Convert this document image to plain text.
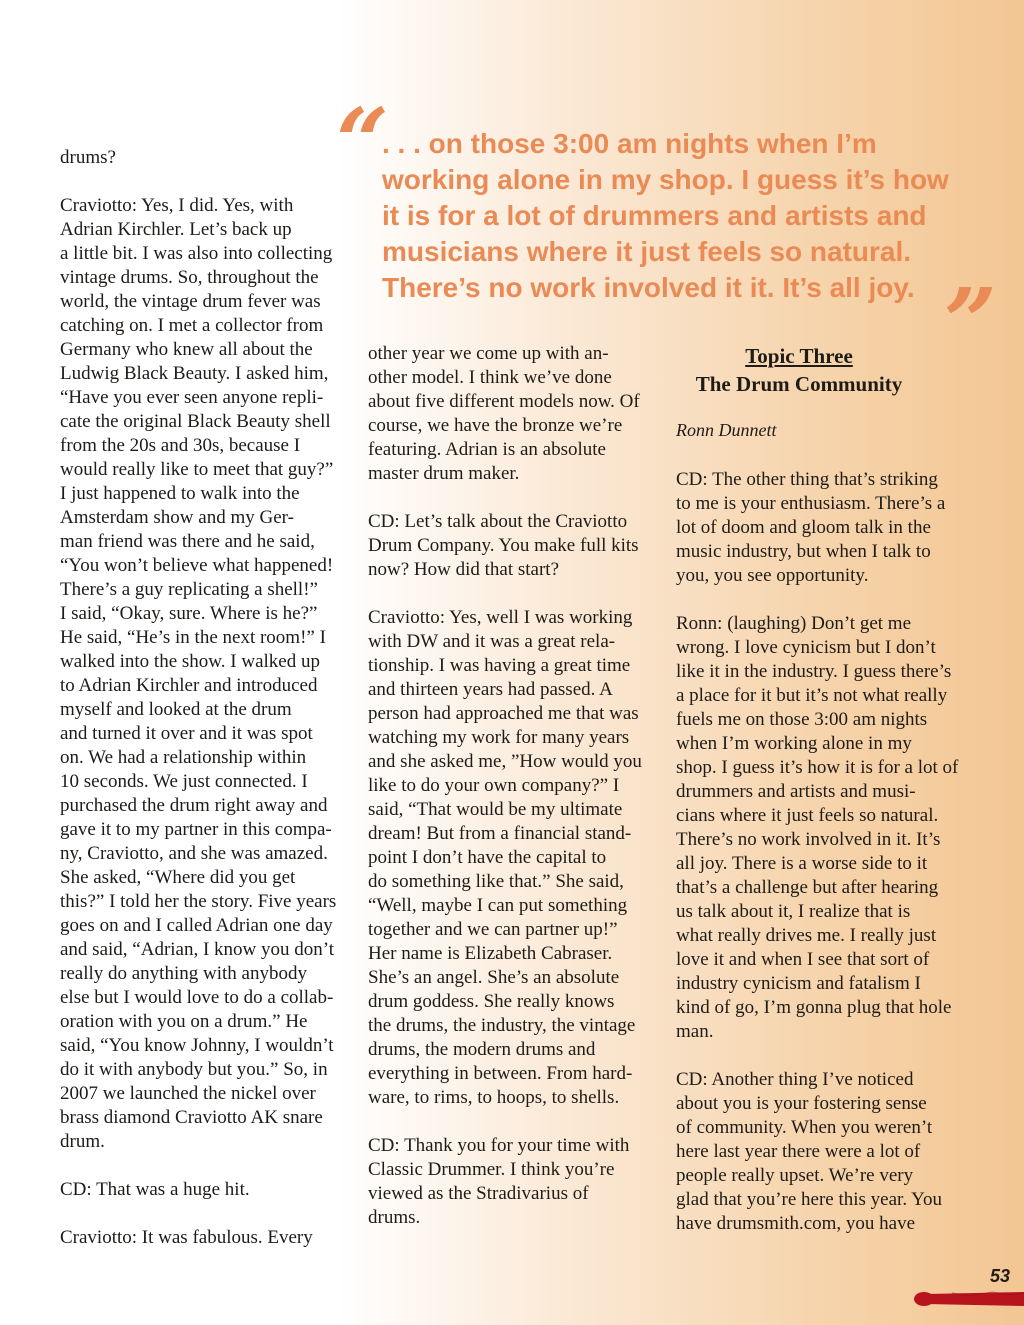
“
. . . on those 3:00 am nights when I’m
working alone in my shop. I guess it’s how
it is for a lot of drummers and artists and
musicians where it just feels so natural.
There’s no work involved it it. It’s all joy. ”
drums?

Craviotto: Yes, I did. Yes, with
Adrian Kirchler. Let’s back up
a little bit. I was also into collecting
vintage drums. So, throughout the
world, the vintage drum fever was
catching on. I met a collector from
Germany who knew all about the
Ludwig Black Beauty. I asked him,
“Have you ever seen anyone repli-
cate the original Black Beauty shell
from the 20s and 30s, because I
would really like to meet that guy?”
I just happened to walk into the
Amsterdam show and my Ger-
man friend was there and he said,
“You won’t believe what happened!
There’s a guy replicating a shell!”
I said, “Okay, sure. Where is he?”
He said, “He’s in the next room!” I
walked into the show. I walked up
to Adrian Kirchler and introduced
myself and looked at the drum
and turned it over and it was spot
on. We had a relationship within
10 seconds. We just connected. I
purchased the drum right away and
gave it to my partner in this compa-
ny, Craviotto, and she was amazed.
She asked, “Where did you get
this?” I told her the story. Five years
goes on and I called Adrian one day
and said, “Adrian, I know you don’t
really do anything with anybody
else but I would love to do a collab-
oration with you on a drum.” He
said, “You know Johnny, I wouldn’t
do it with anybody but you.” So, in
2007 we launched the nickel over
brass diamond Craviotto AK snare
drum.

CD: That was a huge hit.

Craviotto: It was fabulous. Every
other year we come up with an-
other model. I think we’ve done
about five different models now. Of
course, we have the bronze we’re
featuring. Adrian is an absolute
master drum maker.

CD: Let’s talk about the Craviotto
Drum Company. You make full kits
now? How did that start?

Craviotto: Yes, well I was working
with DW and it was a great rela-
tionship. I was having a great time
and thirteen years had passed. A
person had approached me that was
watching my work for many years
and she asked me, ”How would you
like to do your own company?” I
said, “That would be my ultimate
dream! But from a financial stand-
point I don’t have the capital to
do something like that.” She said,
“Well, maybe I can put something
together and we can partner up!”
Her name is Elizabeth Cabraser.
She’s an angel. She’s an absolute
drum goddess. She really knows
the drums, the industry, the vintage
drums, the modern drums and
everything in between. From hard-
ware, to rims, to hoops, to shells.

CD: Thank you for your time with
Classic Drummer. I think you’re
viewed as the Stradivarius of
drums.
Topic Three
The Drum Community
Ronn Dunnett
CD: The other thing that’s striking
to me is your enthusiasm. There’s a
lot of doom and gloom talk in the
music industry, but when I talk to
you, you see opportunity.

Ronn: (laughing) Don’t get me
wrong. I love cynicism but I don’t
like it in the industry. I guess there’s
a place for it but it’s not what really
fuels me on those 3:00 am nights
when I’m working alone in my
shop. I guess it’s how it is for a lot of
drummers and artists and musi-
cians where it just feels so natural.
There’s no work involved in it. It’s
all joy. There is a worse side to it
that’s a challenge but after hearing
us talk about it, I realize that is
what really drives me. I really just
love it and when I see that sort of
industry cynicism and fatalism I
kind of go, I’m gonna plug that hole
man.

CD: Another thing I’ve noticed
about you is your fostering sense
of community. When you weren’t
here last year there were a lot of
people really upset. We’re very
glad that you’re here this year. You
have drumsmith.com, you have
53
